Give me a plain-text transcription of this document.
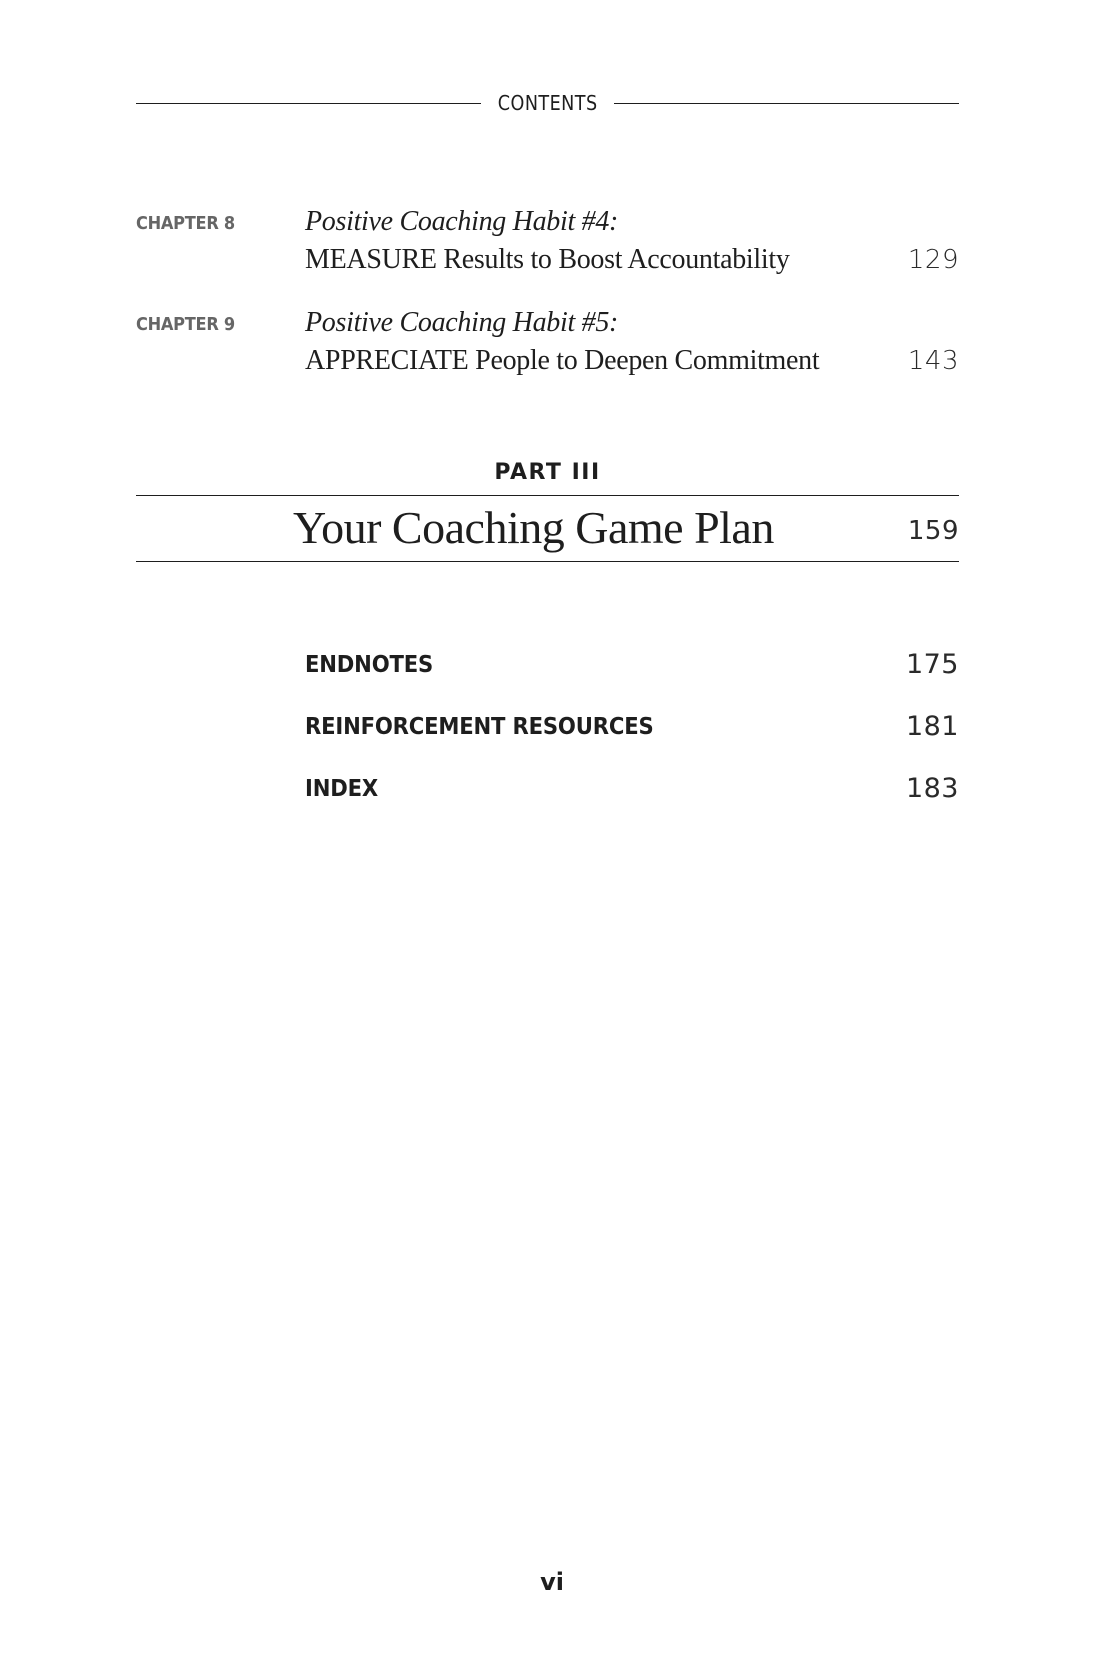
CONTENTS
CHAPTER 8	Positive Coaching Habit #4:
MEASURE Results to Boost Accountability	129
CHAPTER 9	Positive Coaching Habit #5:
APPRECIATE People to Deepen Commitment	143
PART III
Your Coaching Game Plan	159
ENDNOTES	175
REINFORCEMENT RESOURCES	181
INDEX	183
vi
